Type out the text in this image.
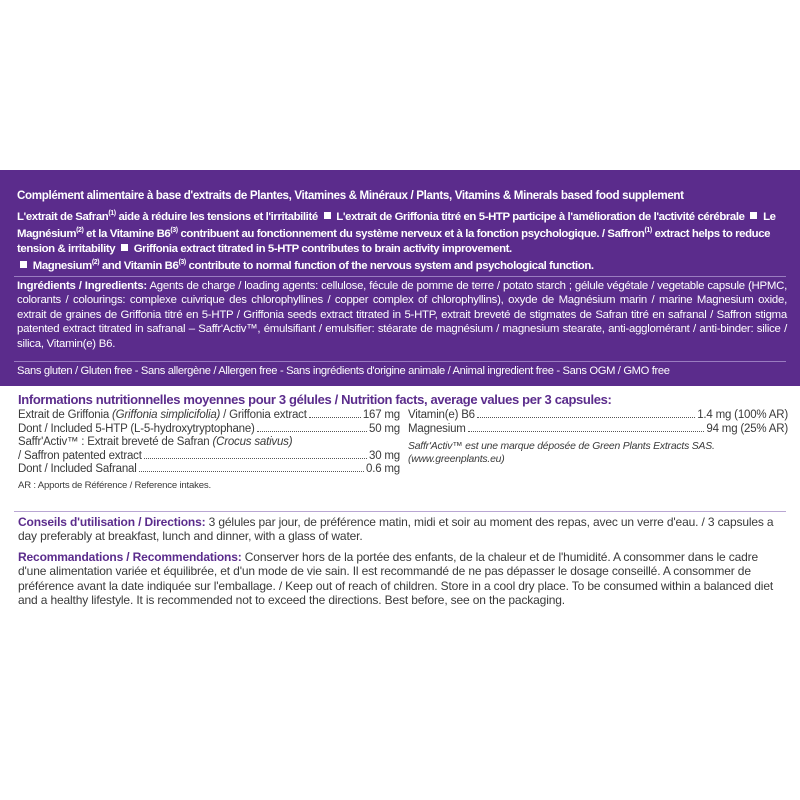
Complément alimentaire à base d'extraits de Plantes, Vitamines & Minéraux / Plants, Vitamins & Minerals based food supplement
L'extrait de Safran$^{(1)}$ aide à réduire les tensions et l'irritabilité  L'extrait de Griffonia titré en 5-HTP participe à l'amélioration de l'activité cérébrale  Le Magnésium$^{(2)}$ et la Vitamine B6$^{(3)}$ contribuent au fonctionnement du système nerveux et à la fonction psychologique. / Saffron$^{(1)}$ extract helps to reduce tension & irritability  Griffonia extract titrated in 5-HTP contributes to brain activity improvement.
Magnesium$^{(2)}$ and Vitamin B6$^{(3)}$ contribute to normal function of the nervous system and psychological function.
Ingrédients / Ingredients: Agents de charge / loading agents: cellulose, fécule de pomme de terre / potato starch ; gélule végétale / vegetable capsule (HPMC, colorants / colourings: complexe cuivrique des chlorophyllines / copper complex of chlorophyllins), oxyde de Magnésium marin / marine Magnesium oxide, extrait de graines de Griffonia titré en 5-HTP / Griffonia seeds extract titrated in 5-HTP, extrait breveté de stigmates de Safran titré en safranal / Saffron stigma patented extract titrated in safranal – Saffr'Activ™, émulsifiant / emulsifier: stéarate de magnésium / magnesium stearate, anti-agglomérant / anti-binder: silice / silica, Vitamin(e) B6.
Sans gluten / Gluten free - Sans allergène / Allergen free - Sans ingrédients d'origine animale / Animal ingredient free - Sans OGM / GMO free
Informations nutritionnelles moyennes pour 3 gélules / Nutrition facts, average values per 3 capsules:
Extrait de Griffonia (Griffonia simplicifolia) / Griffonia extract	167 mg
Dont / Included 5-HTP (L-5-hydroxytryptophane)	50 mg
Saffr'Activ™ : Extrait breveté de Safran (Crocus sativus)
/ Saffron patented extract	30 mg
Dont / Included Safranal	0.6 mg
AR : Apports de Référence / Reference intakes.
Vitamin(e) B6	1.4 mg (100% AR)
Magnesium	94 mg (25% AR)
Saffr'Activ™ est une marque déposée de Green Plants Extracts SAS. (www.greenplants.eu)
Conseils d'utilisation / Directions: 3 gélules par jour, de préférence matin, midi et soir au moment des repas, avec un verre d'eau. / 3 capsules a day preferably at breakfast, lunch and dinner, with a glass of water.
Recommandations / Recommendations: Conserver hors de la portée des enfants, de la chaleur et de l'humidité. A consommer dans le cadre d'une alimentation variée et équilibrée, et d'un mode de vie sain. Il est recommandé de ne pas dépasser le dosage conseillé. A consommer de préférence avant la date indiquée sur l'emballage. / Keep out of reach of children. Store in a cool dry place. To be consumed within a balanced diet and a healthy lifestyle. It is recommended not to exceed the directions. Best before, see on the packaging.
